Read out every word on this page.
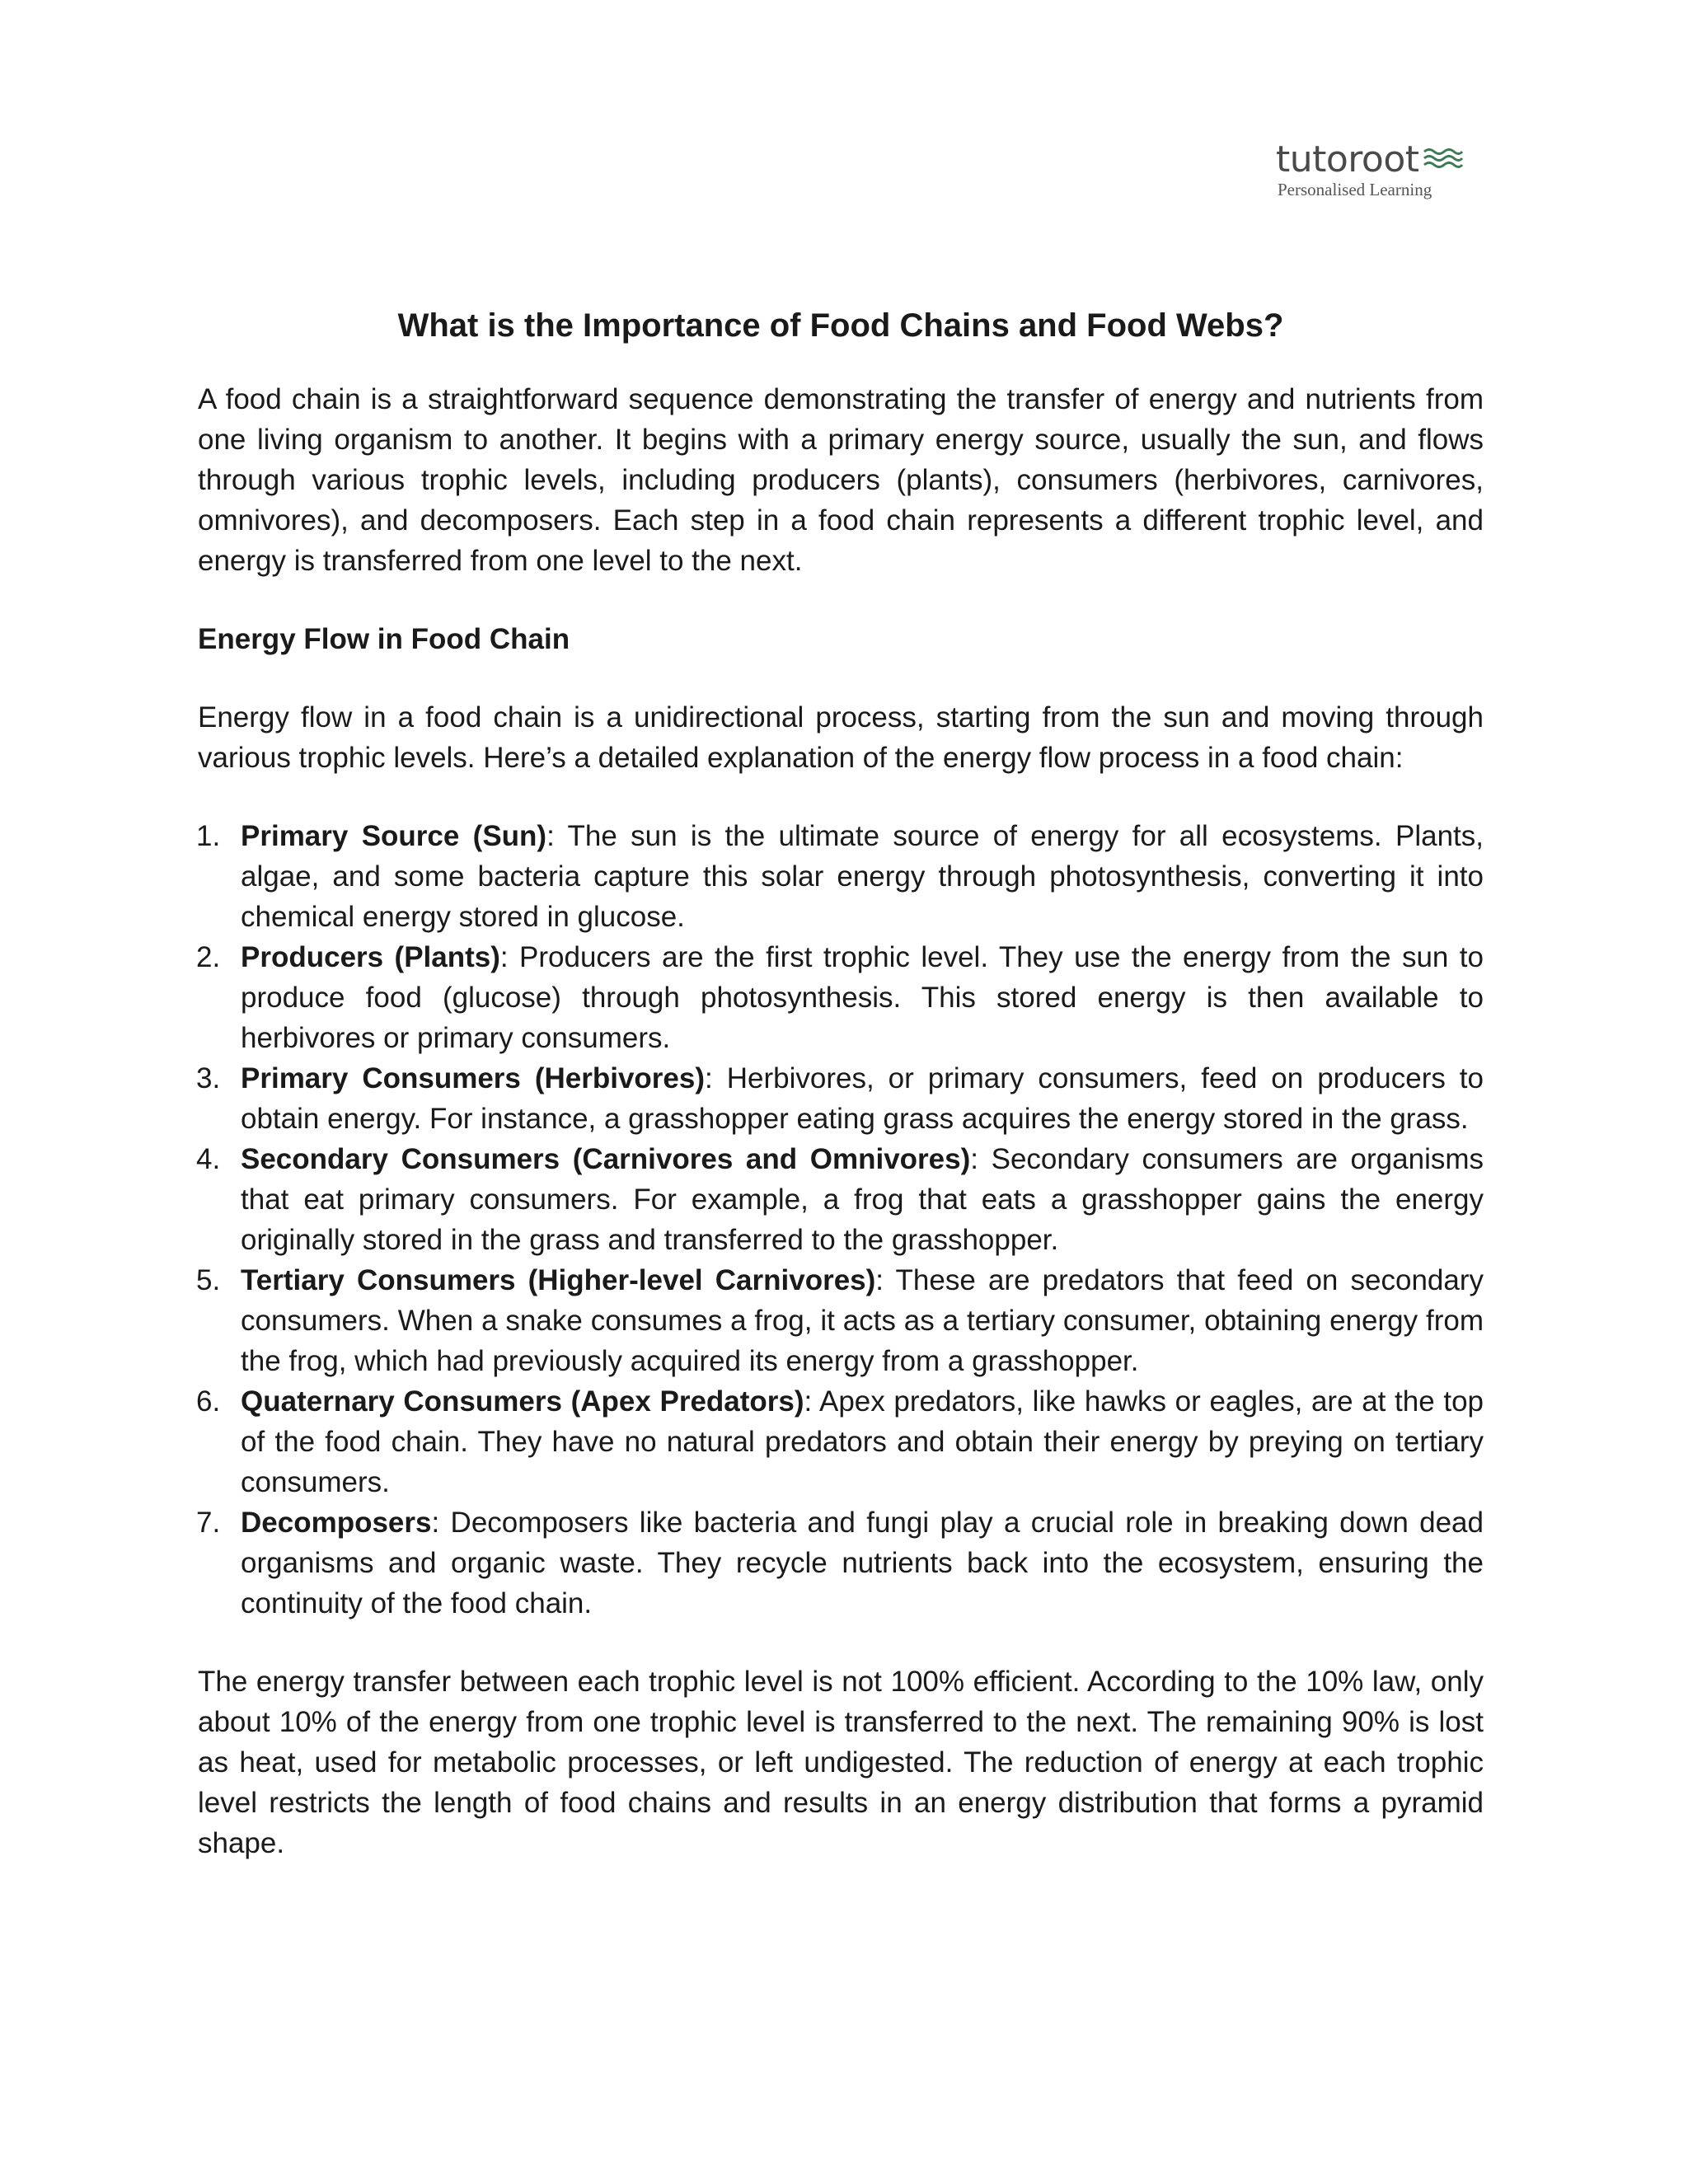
tutoroot
Personalised Learning
What is the Importance of Food Chains and Food Webs?

A food chain is a straightforward sequence demonstrating the transfer of energy and nutrients from one living organism to another. It begins with a primary energy source, usually the sun, and flows through various trophic levels, including producers (plants), consumers (herbivores, carnivores, omnivores), and decomposers. Each step in a food chain represents a different trophic level, and energy is transferred from one level to the next.

Energy Flow in Food Chain

Energy flow in a food chain is a unidirectional process, starting from the sun and moving through various trophic levels. Here’s a detailed explanation of the energy flow process in a food chain:

1. Primary Source (Sun): The sun is the ultimate source of energy for all ecosystems. Plants, algae, and some bacteria capture this solar energy through photosynthesis, converting it into chemical energy stored in glucose.
2. Producers (Plants): Producers are the first trophic level. They use the energy from the sun to produce food (glucose) through photosynthesis. This stored energy is then available to herbivores or primary consumers.
3. Primary Consumers (Herbivores): Herbivores, or primary consumers, feed on producers to obtain energy. For instance, a grasshopper eating grass acquires the energy stored in the grass.
4. Secondary Consumers (Carnivores and Omnivores): Secondary consumers are organisms that eat primary consumers. For example, a frog that eats a grasshopper gains the energy originally stored in the grass and transferred to the grasshopper.
5. Tertiary Consumers (Higher-level Carnivores): These are predators that feed on secondary consumers. When a snake consumes a frog, it acts as a tertiary consumer, obtaining energy from the frog, which had previously acquired its energy from a grasshopper.
6. Quaternary Consumers (Apex Predators): Apex predators, like hawks or eagles, are at the top of the food chain. They have no natural predators and obtain their energy by preying on tertiary consumers.
7. Decomposers: Decomposers like bacteria and fungi play a crucial role in breaking down dead organisms and organic waste. They recycle nutrients back into the ecosystem, ensuring the continuity of the food chain.

The energy transfer between each trophic level is not 100% efficient. According to the 10% law, only about 10% of the energy from one trophic level is transferred to the next. The remaining 90% is lost as heat, used for metabolic processes, or left undigested. The reduction of energy at each trophic level restricts the length of food chains and results in an energy distribution that forms a pyramid shape.
